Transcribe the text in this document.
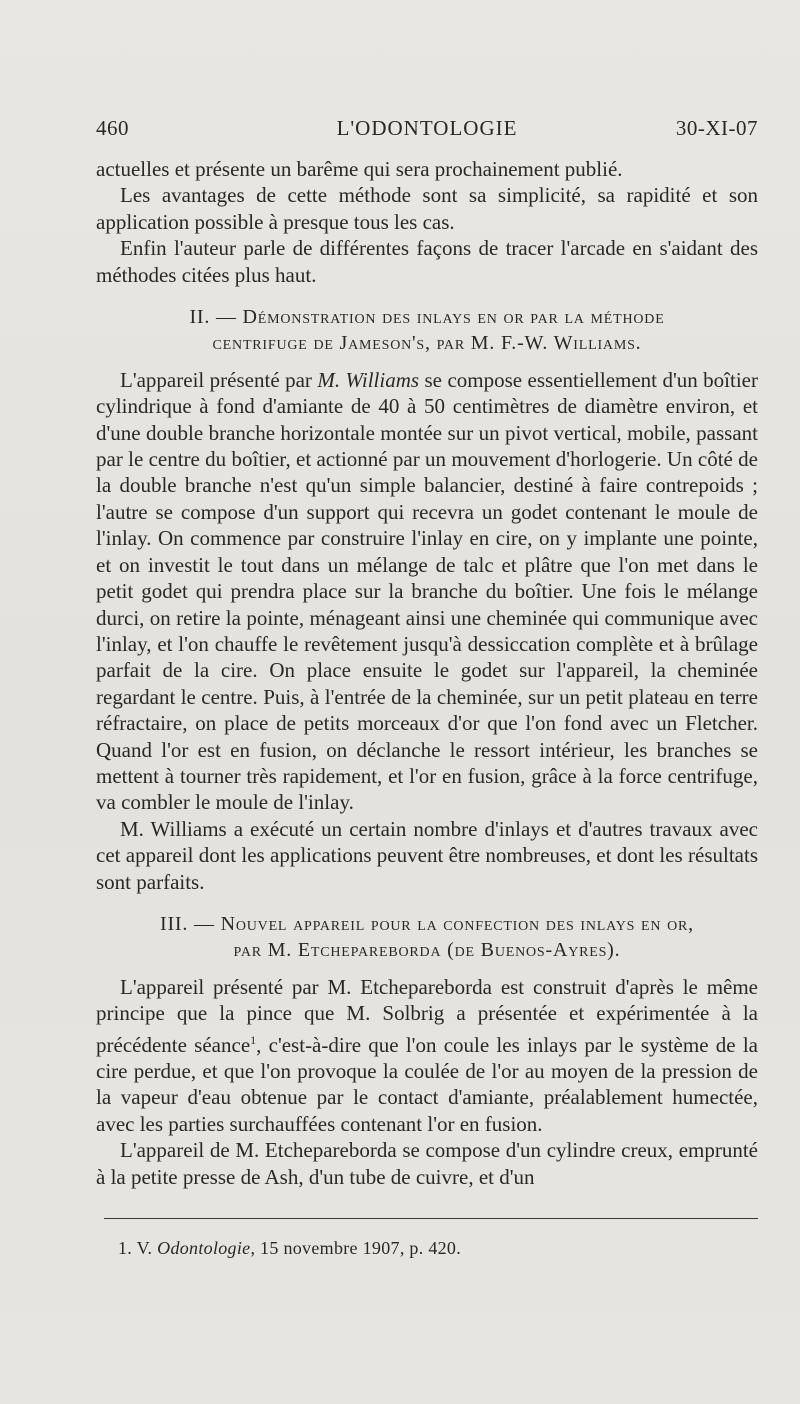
460	L'ODONTOLOGIE	30-XI-07

actuelles et présente un barême qui sera prochainement publié.

Les avantages de cette méthode sont sa simplicité, sa rapidité et son application possible à presque tous les cas.

Enfin l'auteur parle de différentes façons de tracer l'arcade en s'aidant des méthodes citées plus haut.

II. — Démonstration des inlays en or par la méthode
centrifuge de Jameson's, par M. F.-W. Williams.

L'appareil présenté par M. Williams se compose essentiellement d'un boîtier cylindrique à fond d'amiante de 40 à 50 centimètres de diamètre environ, et d'une double branche horizontale montée sur un pivot vertical, mobile, passant par le centre du boîtier, et actionné par un mouvement d'horlogerie. Un côté de la double branche n'est qu'un simple balancier, destiné à faire contrepoids ; l'autre se compose d'un support qui recevra un godet contenant le moule de l'inlay. On commence par construire l'inlay en cire, on y implante une pointe, et on investit le tout dans un mélange de talc et plâtre que l'on met dans le petit godet qui prendra place sur la branche du boîtier. Une fois le mélange durci, on retire la pointe, ménageant ainsi une cheminée qui communique avec l'inlay, et l'on chauffe le revêtement jusqu'à dessiccation complète et à brûlage parfait de la cire. On place ensuite le godet sur l'appareil, la cheminée regardant le centre. Puis, à l'entrée de la cheminée, sur un petit plateau en terre réfractaire, on place de petits morceaux d'or que l'on fond avec un Fletcher. Quand l'or est en fusion, on déclanche le ressort intérieur, les branches se mettent à tourner très rapidement, et l'or en fusion, grâce à la force centrifuge, va combler le moule de l'inlay.

M. Williams a exécuté un certain nombre d'inlays et d'autres travaux avec cet appareil dont les applications peuvent être nombreuses, et dont les résultats sont parfaits.

III. — Nouvel appareil pour la confection des inlays en or,
par M. Etchepareborda (de Buenos-Ayres).

L'appareil présenté par M. Etchepareborda est construit d'après le même principe que la pince que M. Solbrig a présentée et expérimentée à la précédente séance$^1$, c'est-à-dire que l'on coule les inlays par le système de la cire perdue, et que l'on provoque la coulée de l'or au moyen de la pression de la vapeur d'eau obtenue par le contact d'amiante, préalablement humectée, avec les parties surchauffées contenant l'or en fusion.

L'appareil de M. Etchepareborda se compose d'un cylindre creux, emprunté à la petite presse de Ash, d'un tube de cuivre, et d'un

1. V. Odontologie, 15 novembre 1907, p. 420.
